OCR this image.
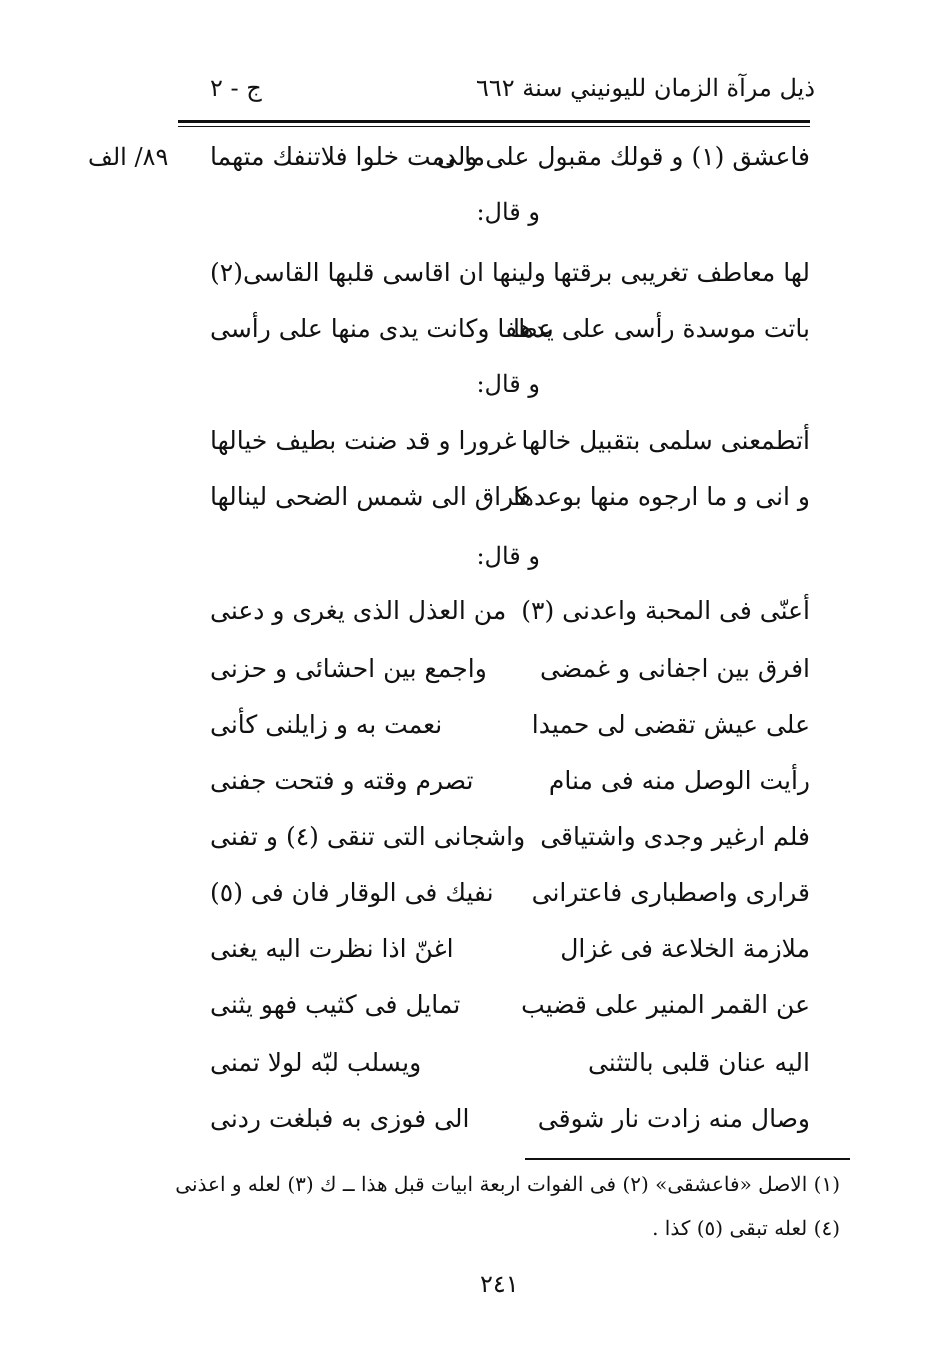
ذيل مرآة الزمان لليونيني سنة ٦٦٢
ج - ٢
٨٩/ الف	فاعشق (١) و قولك مقبول على ولى
ما دمت خلوا فلاتنفك متهما
و قال:
لها معاطف تغريبى برقتها
ولينها ان اقاسى قلبها القاسى(٢)
باتت موسدة رأسى على يدها
عطفا وكانت يدى منها على رأسى
و قال:
أتطمعنى سلمى بتقبيل خالها
غرورا و قد ضنت بطيف خيالها
و انى و ما ارجوه منها بوعدها
كراق الى شمس الضحى لينالها
و قال:
أعنّى فى المحبة واعدنى (٣)
من العذل الذى يغرى و دعنى
افرق بين اجفانى و غمضى
واجمع بين احشائى و حزنى
على عيش تقضى لى حميدا
نعمت به و زايلنى كأنى
رأيت الوصل منه فى منام
تصرم وقته و فتحت جفنى
فلم ارغير وجدى واشتياقى
واشجانى التى تنقى (٤) و تفنى
قرارى واصطبارى فاعترانى
نفيك فى الوقار فان فى (٥)
ملازمة الخلاعة فى غزال
اغنّ اذا نظرت اليه يغنى
عن القمر المنير على قضيب
تمايل فى كثيب فهو يثنى
اليه عنان قلبى بالتثنى
ويسلب لبّه لولا تمنى
وصال منه زادت نار شوقى
الى فوزى به فبلغت ردنى
(١) الاصل «فاعشقى» (٢) فى الفوات اربعة ابيات قبل هذا ــ ك (٣) لعله و اعذنى
(٤) لعله تبقى (٥) كذا .
٢٤١
